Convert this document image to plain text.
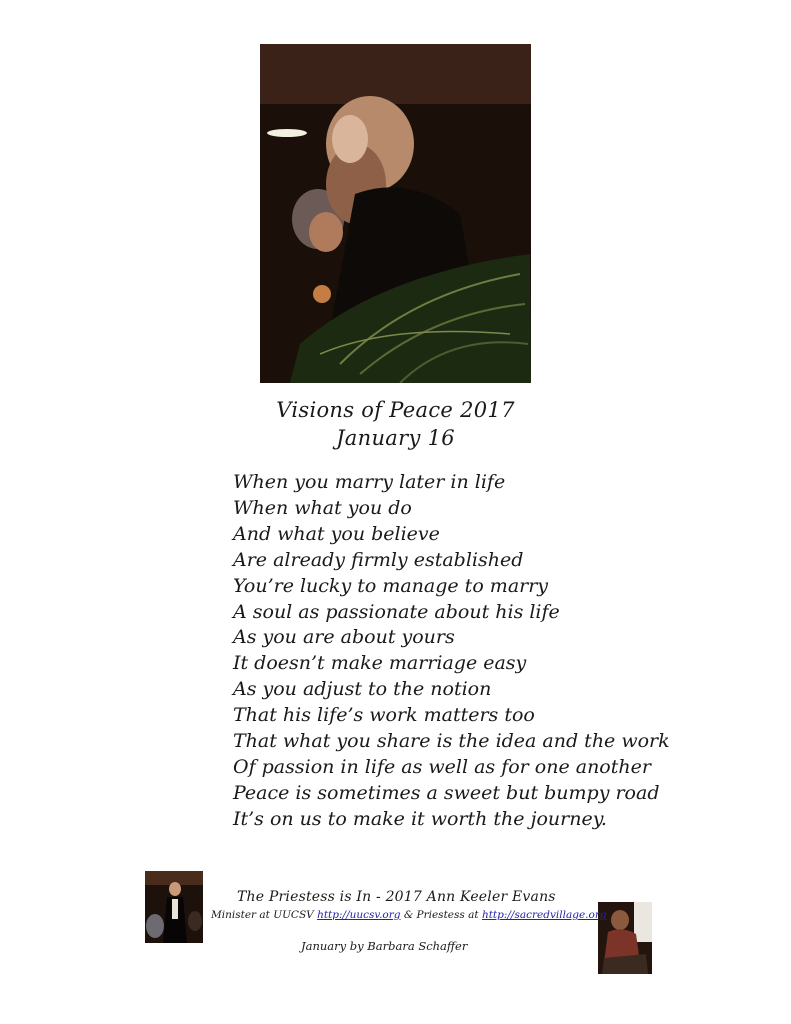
Visions of Peace 2017
January 16
When you marry later in life
When what you do
And what you believe
Are already firmly established
You’re lucky to manage to marry
A soul as passionate about his life
As you are about yours
It doesn’t make marriage easy
As you adjust to the notion
That his life’s work matters too
That what you share is the idea and the work
Of passion in life as well as for one another
Peace is sometimes a sweet but bumpy road
It’s on us to make it worth the journey.
The Priestess is In - 2017 Ann Keeler Evans
Minister at UUCSV http://uucsv.org & Priestess at http://sacredvillage.org
January by Barbara Schaffer
